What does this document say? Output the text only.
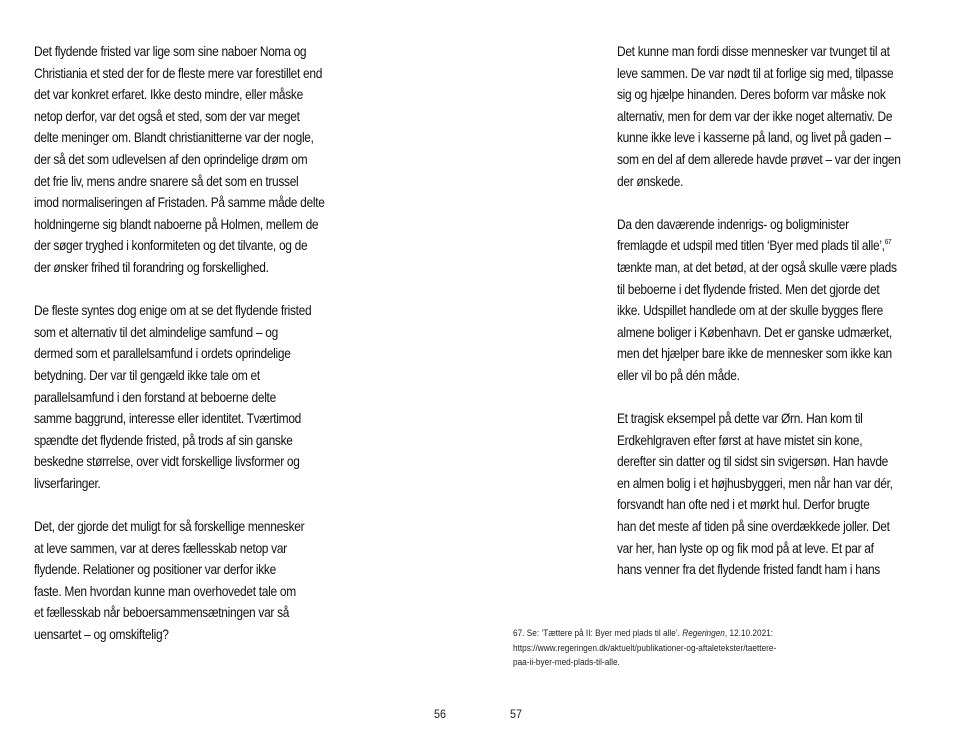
Det flydende fristed var lige som sine naboer Noma og
Christiania et sted der for de fleste mere var forestillet end
det var konkret erfaret. Ikke desto mindre, eller måske
netop derfor, var det også et sted, som der var meget
delte meninger om. Blandt christianitterne var der nogle,
der så det som udlevelsen af den oprindelige drøm om
det frie liv, mens andre snarere så det som en trussel
imod normaliseringen af Fristaden. På samme måde delte
holdningerne sig blandt naboerne på Holmen, mellem de
der søger tryghed i konformiteten og det tilvante, og de
der ønsker frihed til forandring og forskellighed.

De fleste syntes dog enige om at se det flydende fristed
som et alternativ til det almindelige samfund – og
dermed som et parallelsamfund i ordets oprindelige
betydning. Der var til gengæld ikke tale om et
parallelsamfund i den forstand at beboerne delte
samme baggrund, interesse eller identitet. Tværtimod
spændte det flydende fristed, på trods af sin ganske
beskedne størrelse, over vidt forskellige livsformer og
livserfaringer.

Det, der gjorde det muligt for så forskellige mennesker
at leve sammen, var at deres fællesskab netop var
flydende. Relationer og positioner var derfor ikke
faste. Men hvordan kunne man overhovedet tale om
et fællesskab når beboersammensætningen var så
uensartet – og omskiftelig?

56

Det kunne man fordi disse mennesker var tvunget til at
leve sammen. De var nødt til at forlige sig med, tilpasse
sig og hjælpe hinanden. Deres boform var måske nok
alternativ, men for dem var der ikke noget alternativ. De
kunne ikke leve i kasserne på land, og livet på gaden –
som en del af dem allerede havde prøvet – var der ingen
der ønskede.

Da den daværende indenrigs- og boligminister
fremlagde et udspil med titlen ‘Byer med plads til alle’,$^{67}$
tænkte man, at det betød, at der også skulle være plads
til beboerne i det flydende fristed. Men det gjorde det
ikke. Udspillet handlede om at der skulle bygges flere
almene boliger i København. Det er ganske udmærket,
men det hjælper bare ikke de mennesker som ikke kan
eller vil bo på dén måde.

Et tragisk eksempel på dette var Ørn. Han kom til
Erdkehlgraven efter først at have mistet sin kone,
derefter sin datter og til sidst sin svigersøn. Han havde
en almen bolig i et højhusbyggeri, men når han var dér,
forsvandt han ofte ned i et mørkt hul. Derfor brugte
han det meste af tiden på sine overdækkede joller. Det
var her, han lyste op og fik mod på at leve. Et par af
hans venner fra det flydende fristed fandt ham i hans

67. Se: ‘Tættere på II: Byer med plads til alle’. Regeringen, 12.10.2021:
https://www.regeringen.dk/aktuelt/publikationer-og-aftaletekster/taettere-
paa-ii-byer-med-plads-til-alle.
57
